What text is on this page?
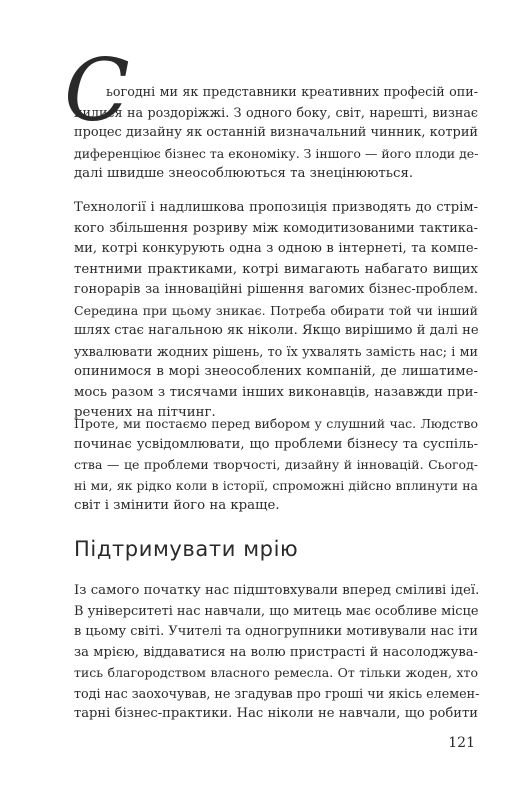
С

ьогодні ми як представники креативних професій опи-
нилися на роздоріжжі. З одного боку, світ, нарешті, визнає
процес дизайну як останній визначальний чинник, котрий
диференціює бізнес та економіку. З іншого — його плоди де-
далі швидше знеособлюються та знецінюються.

Технології і надлишкова пропозиція призводять до стрім-
кого збільшення розриву між комодитизованими тактика-
ми, котрі конкурують одна з одною в інтернеті, та компе-
тентними практиками, котрі вимагають набагато вищих
гонорарів за інноваційні рішення вагомих бізнес-проблем.
Середина при цьому зникає. Потреба обирати той чи інший
шлях стає нагальною як ніколи. Якщо вирішимо й далі не
ухвалювати жодних рішень, то їх ухвалять замість нас; і ми
опинимося в морі знеособлених компаній, де лишатиме-
мось разом з тисячами інших виконавців, назавжди при-
речених на пітчинг.

Проте, ми постаємо перед вибором у слушний час. Людство
починає усвідомлювати, що проблеми бізнесу та суспіль-
ства — це проблеми творчості, дизайну й інновацій. Сьогод-
ні ми, як рідко коли в історії, спроможні дійсно вплинути на
світ і змінити його на краще.

Підтримувати мрію

Із самого початку нас підштовхували вперед сміливі ідеї.
В університеті нас навчали, що митець має особливе місце
в цьому світі. Учителі та одногрупники мотивували нас іти
за мрією, віддаватися на волю пристрасті й насолоджува-
тись благородством власного ремесла. От тільки жоден, хто
тоді нас заохочував, не згадував про гроші чи якісь елемен-
тарні бізнес-практики. Нас ніколи не навчали, що робити

121
